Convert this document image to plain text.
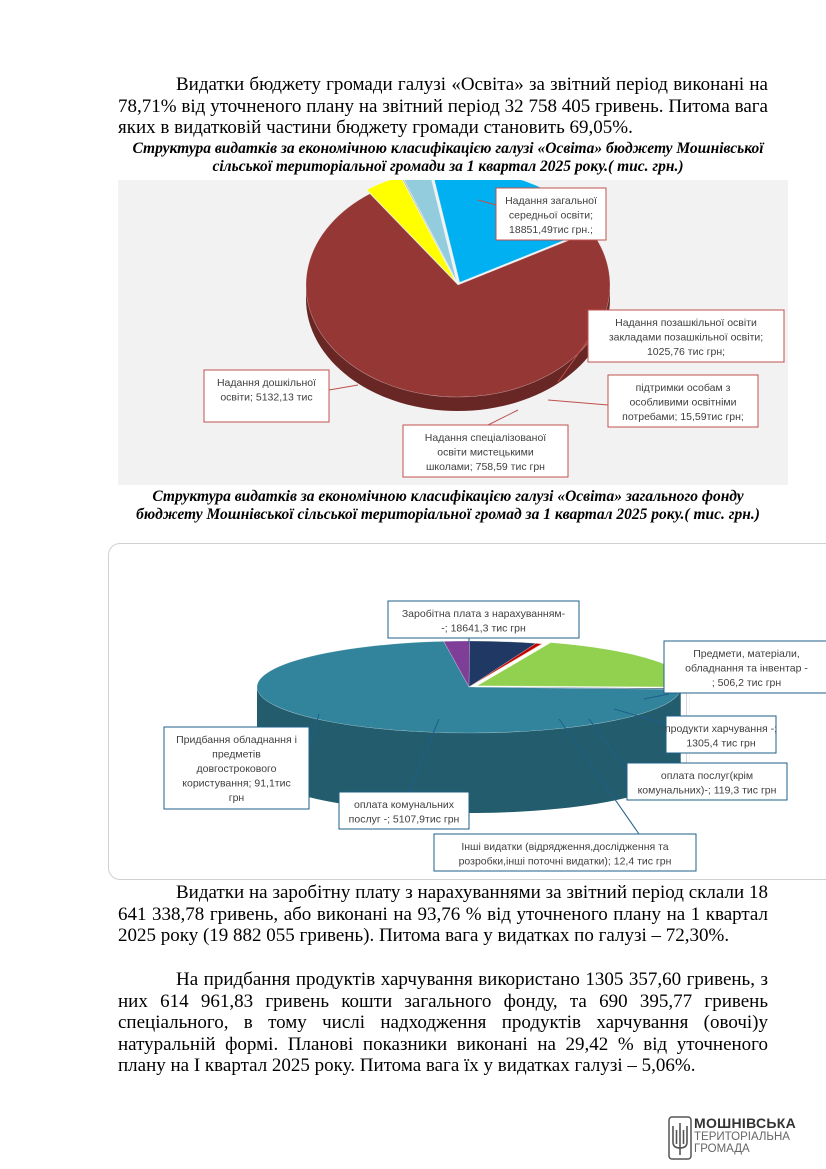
Видатки бюджету громади галузі «Освіта» за звітний період виконані на 78,71% від уточненого плану на звітний період 32 758 405 гривень. Питома вага яких в видатковій частини бюджету громади становить 69,05%.
Структура видатків за економічною класифікацією галузі «Освіта» бюджету Мошнівської сільської територіальної громади за 1 квартал 2025 року.( тис. грн.)
Надання загальної
середньої освіти;
18851,49тис грн.;
Надання позашкільної освіти
закладами позашкільної освіти;
1025,76 тис грн;
підтримки особам з
особливими освітніми
потребами; 15,59тис грн;
Надання спеціалізованої
освіти мистецькими
школами; 758,59 тис грн
Надання дошкільної
освіти; 5132,13 тис
Структура видатків за економічною класифікацією галузі «Освіта» загального фонду бюджету Мошнівської сільської територіальної громад за 1 квартал 2025 року.( тис. грн.)
Заробітна плата з нарахуванням-
-; 18641,3 тис грн
Предмети, матеріали,
обладнання та інвентар -
; 506,2 тис грн
продукти харчування -;
1305,4 тис грн
оплата послуг(крім
комунальних)-; 119,3 тис грн
Інші видатки (відрядження,дослідження та
розробки,інші поточні видатки); 12,4 тис грн
оплата комунальних
послуг -; 5107,9тис грн
Придбання обладнання і
предметів
довгострокового
користування; 91,1тис
грн
Видатки на заробітну плату з нарахуваннями за звітний період склали 18 641 338,78 гривень, або виконані на 93,76 % від уточненого плану на 1 квартал 2025 року (19 882 055 гривень). Питома вага у видатках по галузі – 72,30%.
На придбання продуктів харчування використано 1305 357,60 гривень, з них 614 961,83 гривень кошти загального фонду, та 690 395,77 гривень спеціального, в тому числі надходження продуктів харчування (овочі)у натуральній формі. Планові показники виконані на 29,42 % від уточненого плану на I квартал 2025 року. Питома вага їх у видатках галузі – 5,06%.
МОШНІВСЬКА
ТЕРИТОРІАЛЬНА
ГРОМАДА
